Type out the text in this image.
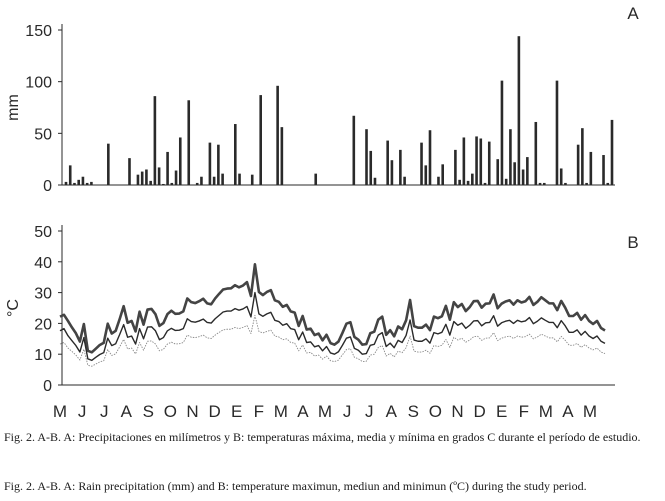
0
50
100
150
mm
A
0
10
20
30
40
50
°C
B
M J J A S O N D E F M A M J J A S O N D E F M A M
Fig. 2. A-B. A: Precipitaciones en milímetros y B: temperaturas máxima, media y mínima en grados C durante el período de estudio.
Fig. 2. A-B. A: Rain precipitation (mm) and B: temperature maximun, mediun and minimun (ºC) during the study period.
